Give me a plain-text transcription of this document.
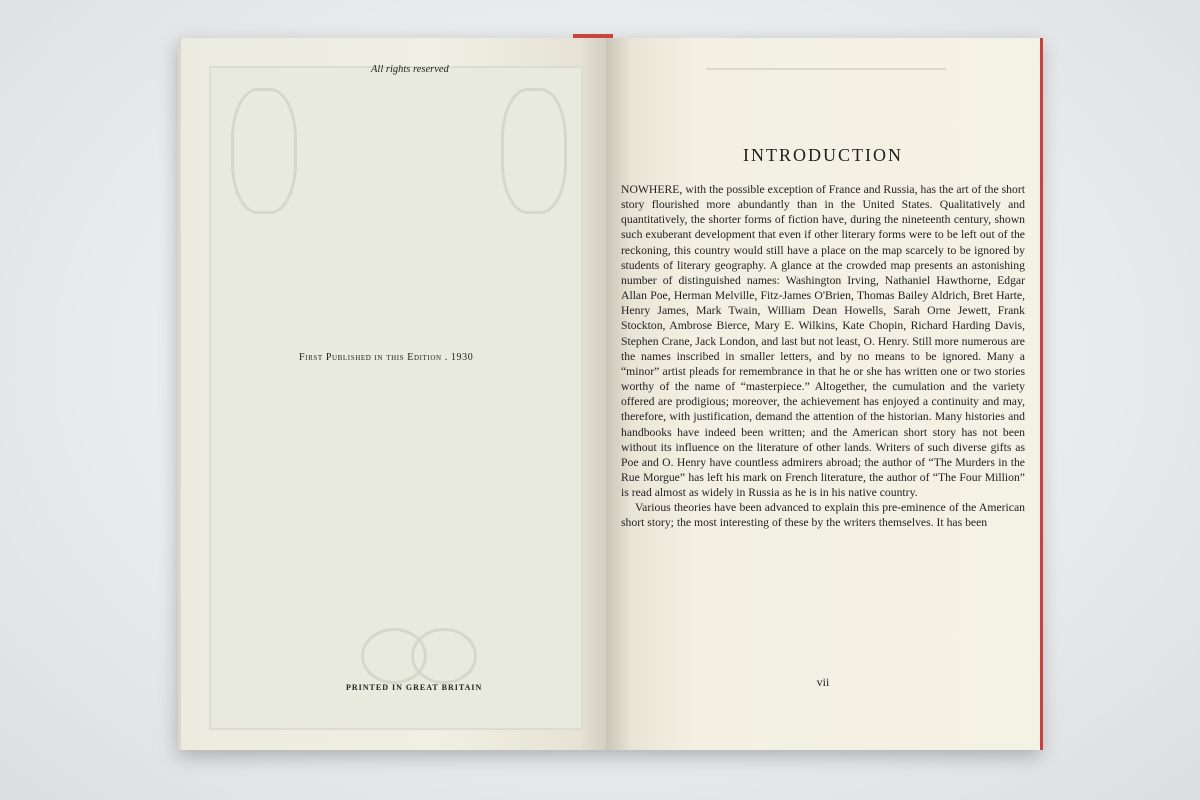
All rights reserved
First Published in this Edition . 1930
PRINTED IN GREAT BRITAIN
INTRODUCTION

NOWHERE, with the possible exception of France and Russia, has the art of the short story flourished more abundantly than in the United States. Qualitatively and quantitatively, the shorter forms of fiction have, during the nineteenth century, shown such exuberant development that even if other literary forms were to be left out of the reckoning, this country would still have a place on the map scarcely to be ignored by students of literary geography. A glance at the crowded map presents an astonishing number of distinguished names: Washington Irving, Nathaniel Hawthorne, Edgar Allan Poe, Herman Melville, Fitz-James O'Brien, Thomas Bailey Aldrich, Bret Harte, Henry James, Mark Twain, William Dean Howells, Sarah Orne Jewett, Frank Stockton, Ambrose Bierce, Mary E. Wilkins, Kate Chopin, Richard Harding Davis, Stephen Crane, Jack London, and last but not least, O. Henry. Still more numerous are the names inscribed in smaller letters, and by no means to be ignored. Many a “minor” artist pleads for remembrance in that he or she has written one or two stories worthy of the name of “masterpiece.” Altogether, the cumulation and the variety offered are prodigious; moreover, the achievement has enjoyed a continuity and may, therefore, with justification, demand the attention of the historian. Many histories and handbooks have indeed been written; and the American short story has not been without its influence on the literature of other lands. Writers of such diverse gifts as Poe and O. Henry have countless admirers abroad; the author of “The Murders in the Rue Morgue” has left his mark on French literature, the author of “The Four Million” is read almost as widely in Russia as he is in his native country.

Various theories have been advanced to explain this pre-eminence of the American short story; the most interesting of these by the writers themselves. It has been

vii
